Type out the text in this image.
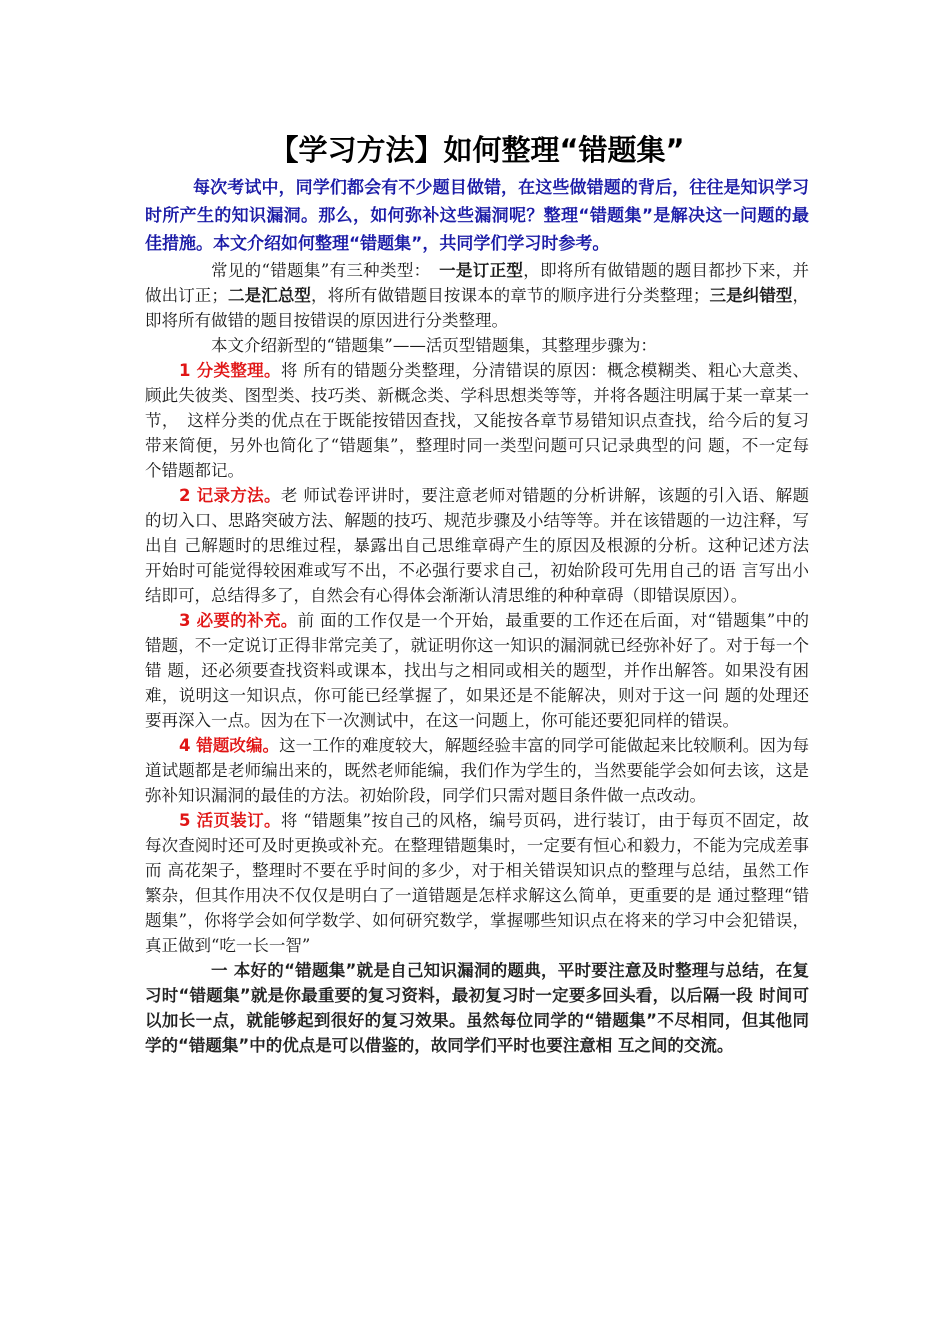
【学习方法】如何整理“错题集”

每次考试中，同学们都会有不少题目做错，在这些做错题的背后，往往是知识学习时所产生的知识漏洞。那么，如何弥补这些漏洞呢？整理“错题集”是解决这一问题的最佳措施。本文介绍如何整理“错题集”，共同学们学习时参考。

常见的“错题集”有三种类型：　一是订正型，即将所有做错题的题目都抄下来，并做出订正；二是汇总型，将所有做错题目按课本的章节的顺序进行分类整理；三是纠错型，即将所有做错的题目按错误的原因进行分类整理。

本文介绍新型的“错题集”——活页型错题集，其整理步骤为：

1 分类整理。将 所有的错题分类整理，分清错误的原因：概念模糊类、粗心大意类、顾此失彼类、图型类、技巧类、新概念类、学科思想类等等，并将各题注明属于某一章某一节，　这样分类的优点在于既能按错因查找，又能按各章节易错知识点查找，给今后的复习带来简便，另外也简化了“错题集”，整理时同一类型问题可只记录典型的问 题，不一定每个错题都记。

2 记录方法。老 师试卷评讲时，要注意老师对错题的分析讲解，该题的引入语、解题的切入口、思路突破方法、解题的技巧、规范步骤及小结等等。并在该错题的一边注释，写出自 己解题时的思维过程，暴露出自己思维章碍产生的原因及根源的分析。这种记述方法开始时可能觉得较困难或写不出，不必强行要求自己，初始阶段可先用自己的语 言写出小结即可，总结得多了，自然会有心得体会渐渐认清思维的种种章碍（即错误原因）。

3 必要的补充。前 面的工作仅是一个开始，最重要的工作还在后面，对“错题集”中的错题，不一定说订正得非常完美了，就证明你这一知识的漏洞就已经弥补好了。对于每一个错 题，还必须要查找资料或课本，找出与之相同或相关的题型，并作出解答。如果没有困难，说明这一知识点，你可能已经掌握了，如果还是不能解决，则对于这一问 题的处理还要再深入一点。因为在下一次测试中，在这一问题上，你可能还要犯同样的错误。

4 错题改编。这一工作的难度较大，解题经验丰富的同学可能做起来比较顺利。因为每道试题都是老师编出来的，既然老师能编，我们作为学生的，当然要能学会如何去该，这是弥补知识漏洞的最佳的方法。初始阶段，同学们只需对题目条件做一点改动。

5 活页装订。将 “错题集”按自己的风格，编号页码，进行装订，由于每页不固定，故每次查阅时还可及时更换或补充。在整理错题集时，一定要有恒心和毅力，不能为完成差事而 高花架子，整理时不要在乎时间的多少，对于相关错误知识点的整理与总结，虽然工作繁杂，但其作用决不仅仅是明白了一道错题是怎样求解这么简单，更重要的是 通过整理“错题集”，你将学会如何学数学、如何研究数学，掌握哪些知识点在将来的学习中会犯错误，真正做到“吃一长一智”

一 本好的“错题集”就是自己知识漏洞的题典，平时要注意及时整理与总结，在复习时“错题集”就是你最重要的复习资料，最初复习时一定要多回头看，以后隔一段 时间可以加长一点，就能够起到很好的复习效果。虽然每位同学的“错题集”不尽相同，但其他同学的“错题集”中的优点是可以借鉴的，故同学们平时也要注意相 互之间的交流。
